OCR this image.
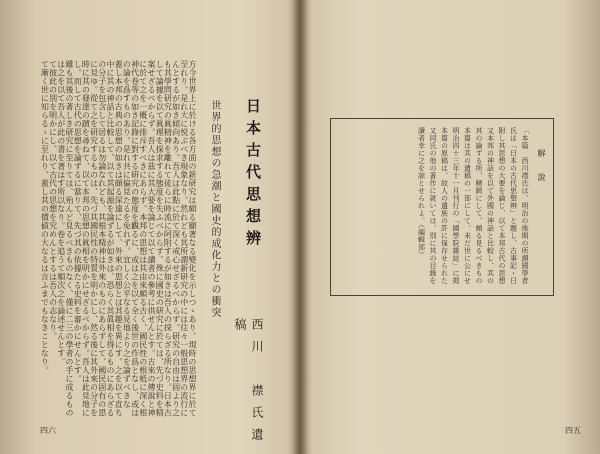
日本古代思想辨
世界的思想の急潮と國史的成化力との衝突
西川　襟氏遺稿
方今世界上に於ける各方面の新研究は頗る顯著なる變化を示しつゝあり。現時の思想界に於て
至れり。是れ大に悦ぶべき現象なり。然れども其所謂新研究の中には往々一般思想界の流行に
んとするが如き傾向あり。吾人は此點に於て深く戒心せざるべからず。研究の自由は固より之
も其學問研究の眞精神を離れて徒らに時流に阿附するが如きは吾人の採らざる所なり。日本古
して論據を以て眞理を探求する態度を失ふべからず。殊に國史の研究に於ては、先づ史料を精
案せざるべからず。吾人は茲に其大要を論じて以て讀者の參考に供せんとす。古來の傳說と神
に於て之を一概に排斥すべきにあらず。本邦の思想は其由來頗る古く、國民性の根柢に深く根
神代卷等の如き記錄に對する研究の態度を觀るに、或は之を以て全く後世の作爲となし、或は
の論を爲すものあり。是れ共に偏見たるを免れず。宜しく公平なる見地より之を論ずべきな
蓋し本邦の古典の思想の如きは頗る深遠にして、外來の思想とは其趣を異にす。之を以て直ち
中に其の神話と比較して、以て其起源を論ずるが如きは、恐らく其眞相を得るものにあらざる
の分子を包含して居るは勿論なれども、其根本精神は外來のものにあらずして、國民固有の思
に見ゆ。從て之を研究するものは、先づ其國民性の特質を明かにし、然る後に其外來の分子を
時に其の發達の蹟を尋ねて、以て本邦の思想の眞相を明かにせざるべからず。吾人は此見地に
し。而して古代の思想を論ずるに當りて、先づ其の依據たる史料を審かにせんとす。
雖も其後の著しき研究に至りては、殆んど見るべきものなく、僅に二三の學者の手に成るもの
は之を以て吾人が此の書を著はす所以なり。卷を追うて順次之を論述せんとす。
て彼此の別を明かにし、以て古代の思想を究めんとするは吾人の志なり。
て漸く世に知らるゝに至れり。蓋し其の價値の大なるは言ふまでもなきことなり。
四六
解　說
「本篇　西川襟氏は、明治の後期の所謂國學者
氏は「日本の古代思想辨」と題し、古事記・日
附し其思想の大要を論じ、以て本邦古代の思想
又本邦の神話を以て外國の神話と比較し、其の
其の論ずる所、精緻にして、頗る見るべきもの
本篇は其の遺稿の一部にして、未だ世に公にせ
明治四十三年十一月刊行の「國學院雜誌」に掲
本篇の原稿は、故人の遺族の許に保存せられた
又同氏の他の著作に就いては、別に其の目錄を
讀者幸に之を諒とせられよ。（編輯部）
四五
